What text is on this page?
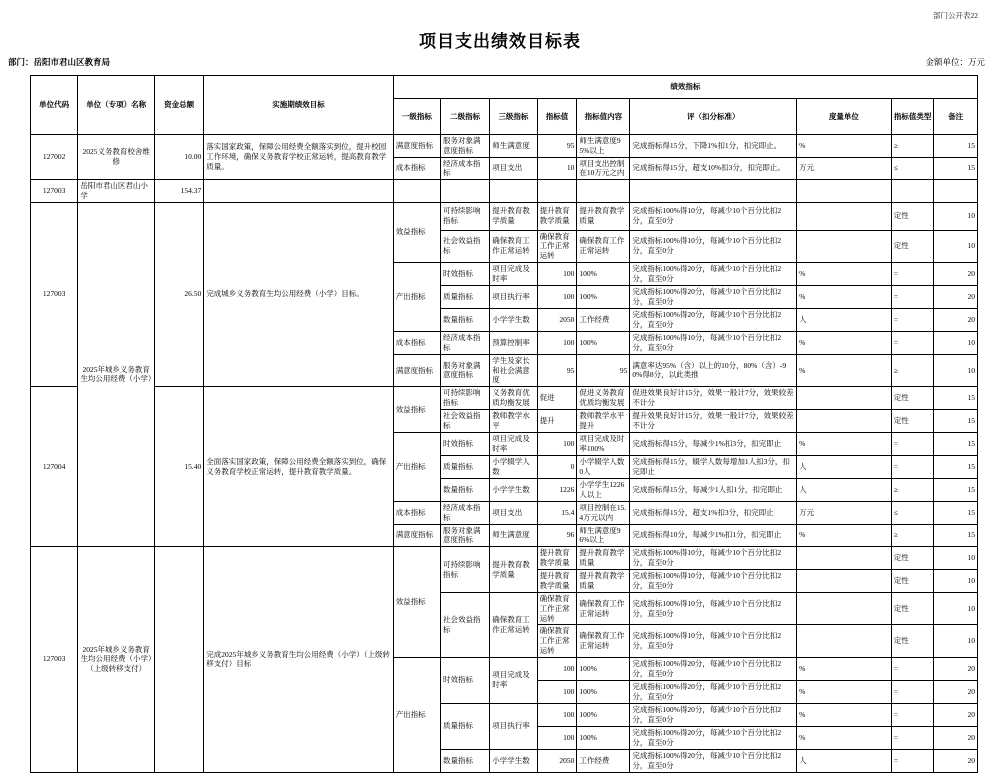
部门公开表22
项目支出绩效目标表
部门：岳阳市君山区教育局	金额单位：万元
单位代码	单位（专项）名称	资金总额	实施期绩效目标	绩效指标								
				一级指标	二级指标	三级指标	指标值	指标值内容	评（扣分标准）	度量单位	指标值类型	备注
127002	2025义务教育校舍维修	10.00	落实国家政策，保障公用经费全额落实到位，提升校园工作环境，确保义务教育学校正常运转，提高教育教学质量。	满意度指标	服务对象满意度指标	师生满意度	95	师生满意度95%以上	完成指标得15分，下降1%扣1分，扣完即止。	%	≥	15
				成本指标	经济成本指标	项目支出	10	项目支出控制在10万元之内	完成指标得15分，超支10%扣3分，扣完即止。	万元	≤	15
127003	岳阳市君山区君山小学	154.37										
127003	2025年城乡义务教育生均公用经费（小学）	26.50	完成城乡义务教育生均公用经费（小学）目标。	效益指标	可持续影响指标	提升教育教学质量	提升教育教学质量	提升教育教学质量	完成指标100%得10分，每减少10个百分比扣2分，直至0分		定性	10
					社会效益指标	确保教育工作正常运转	确保教育工作正常运转	确保教育工作正常运转	完成指标100%得10分，每减少10个百分比扣2分，直至0分		定性	10
				产出指标	时效指标	项目完成及时率	100	100%	完成指标100%得20分，每减少10个百分比扣2分，直至0分	%	=	20
					质量指标	项目执行率	100	100%	完成指标100%得20分，每减少10个百分比扣2分，直至0分	%	=	20
					数量指标	小学学生数	2050	工作经费	完成指标100%得20分，每减少10个百分比扣2分，直至0分	人	=	20
				成本指标	经济成本指标	预算控制率	100	100%	完成指标100%得10分，每减少10个百分比扣2分，直至0分	%	=	10
				满意度指标	服务对象满意度指标	学生及家长和社会满意度	95	95	满意率达95%（含）以上的10分，80%（含）-90%得8分，以此类推	%	≥	10
127004		15.40	全面落实国家政策，保障公用经费全额落实到位，确保义务教育学校正常运转，提升教育教学质量。	效益指标	可持续影响指标	义务教育优质均衡发展	促进	促进义务教育优质均衡发展	促进效果良好计15分，效果一般计7分，效果较差不计分		定性	15
					社会效益指标	教师教学水平	提升	教师教学水平提升	提升效果良好计15分，效果一般计7分，效果较差不计分		定性	15
				产出指标	时效指标	项目完成及时率	100	项目完成及时率100%	完成指标得15分，每减少1%扣3分，扣完即止	%	=	15
					质量指标	小学辍学人数	0	小学辍学人数0人	完成指标得15分，辍学人数每增加1人扣3分，扣完即止	人	=	15
					数量指标	小学学生数	1226	小学学生1226人以上	完成指标得15分，每减少1人扣1分，扣完即止	人	≥	15
				成本指标	经济成本指标	项目支出	15.4	项目控制在15.4万元以内	完成指标得15分，超支1%扣3分，扣完即止	万元	≤	15
				满意度指标	服务对象满意度指标	师生满意度	96	师生满意度96%以上	完成指标得10分，每减少1%扣1分，扣完即止	%	≥	15
127003	2025年城乡义务教育生均公用经费（小学）（上级转移支付）		完成2025年城乡义务教育生均公用经费（小学）（上级转移支付）目标	效益指标	可持续影响指标	提升教育教学质量	提升教育教学质量	提升教育教学质量	完成指标100%得10分，每减少10个百分比扣2分，直至0分		定性	10
							提升教育教学质量	提升教育教学质量	完成指标100%得10分，每减少10个百分比扣2分，直至0分		定性	10
					社会效益指标	确保教育工作正常运转	确保教育工作正常运转	确保教育工作正常运转	完成指标100%得10分，每减少10个百分比扣2分，直至0分		定性	10
							确保教育工作正常运转	确保教育工作正常运转	完成指标100%得10分，每减少10个百分比扣2分，直至0分		定性	10
				产出指标	时效指标	项目完成及时率	100	100%	完成指标100%得20分，每减少10个百分比扣2分，直至0分	%	=	20
							100	100%	完成指标100%得20分，每减少10个百分比扣2分，直至0分	%	=	20
					质量指标	项目执行率	100	100%	完成指标100%得20分，每减少10个百分比扣2分，直至0分	%	=	20
							100	100%	完成指标100%得20分，每减少10个百分比扣2分，直至0分	%	=	20
					数量指标	小学学生数	2050	工作经费	完成指标100%得20分，每减少10个百分比扣2分，直至0分	人	=	20
